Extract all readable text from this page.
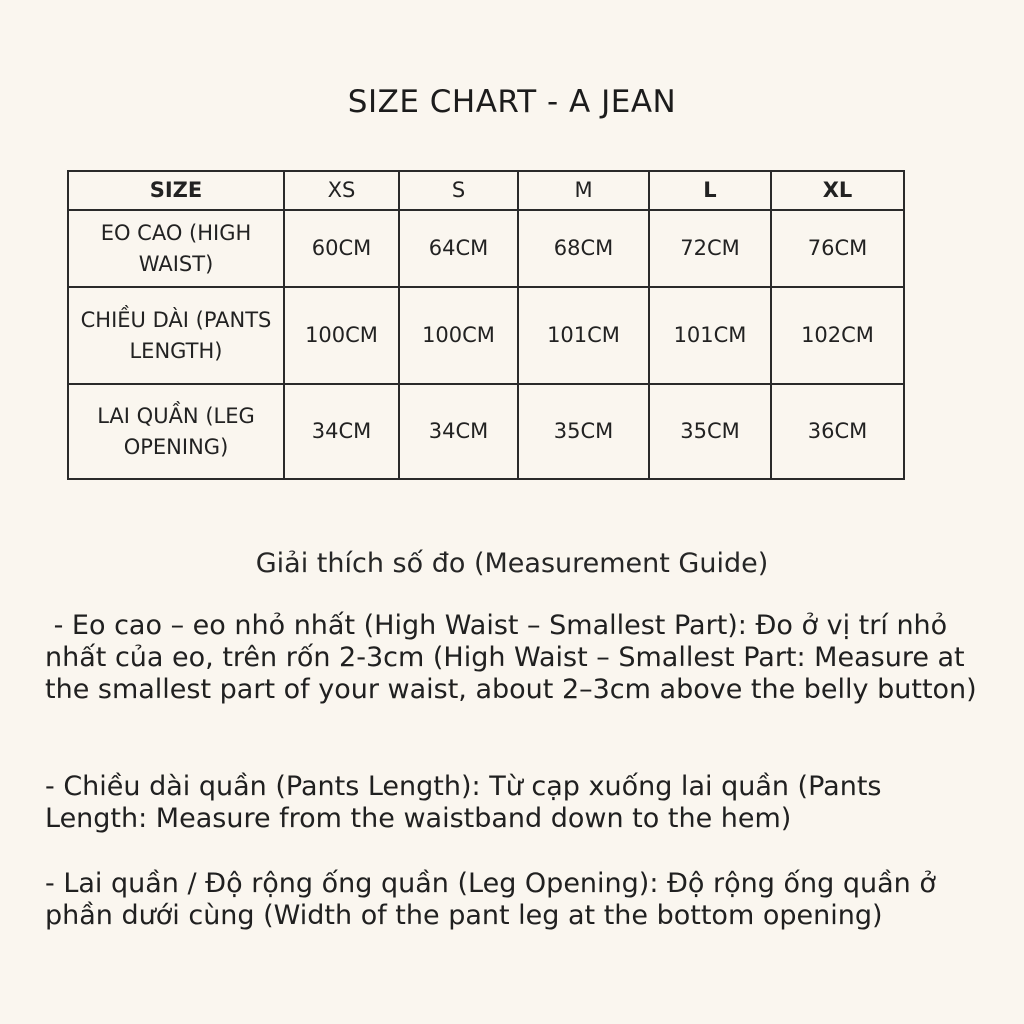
SIZE CHART - A JEAN
SIZE	XS	S	M	L	XL
EO CAO (HIGH WAIST)	60CM	64CM	68CM	72CM	76CM
CHIỀU DÀI (PANTS LENGTH)	100CM	100CM	101CM	101CM	102CM
LAI QUẦN (LEG OPENING)	34CM	34CM	35CM	35CM	36CM
Giải thích số đo (Measurement Guide)

- Eo cao – eo nhỏ nhất (High Waist – Smallest Part): Đo ở vị trí nhỏ nhất của eo, trên rốn 2-3cm (High Waist – Smallest Part: Measure at the smallest part of your waist, about 2–3cm above the belly button)

- Chiều dài quần (Pants Length): Từ cạp xuống lai quần (Pants Length: Measure from the waistband down to the hem)

- Lai quần / Độ rộng ống quần (Leg Opening): Độ rộng ống quần ở phần dưới cùng (Width of the pant leg at the bottom opening)
